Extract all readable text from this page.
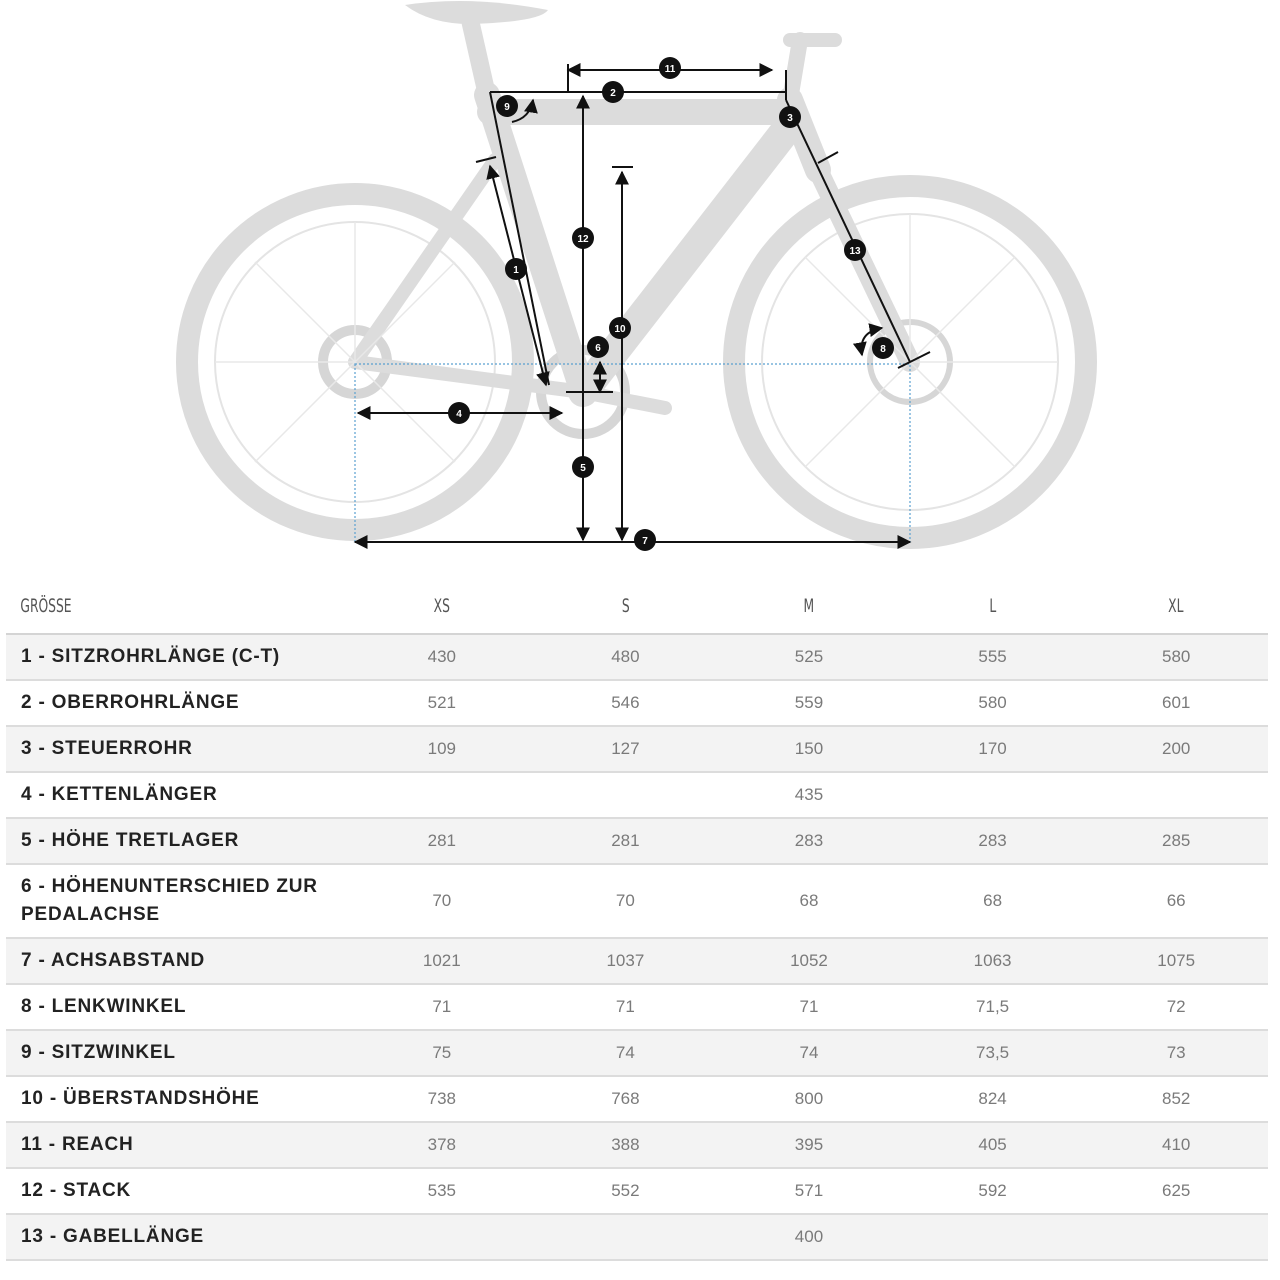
1
2
3
4
5
6
7
8
9
10
11
12
13
GRÖSSE	XS	S	M	L	XL
1 - SITZROHRLÄNGE (C-T)	430	480	525	555	580
2 - OBERROHRLÄNGE	521	546	559	580	601
3 - STEUERROHR	109	127	150	170	200
4 - KETTENLÄNGER			435		
5 - HÖHE TRETLAGER	281	281	283	283	285
6 - HÖHENUNTERSCHIED ZUR PEDALACHSE	70	70	68	68	66
7 - ACHSABSTAND	1021	1037	1052	1063	1075
8 - LENKWINKEL	71	71	71	71,5	72
9 - SITZWINKEL	75	74	74	73,5	73
10 - ÜBERSTANDSHÖHE	738	768	800	824	852
11 - REACH	378	388	395	405	410
12 - STACK	535	552	571	592	625
13 - GABELLÄNGE			400		
